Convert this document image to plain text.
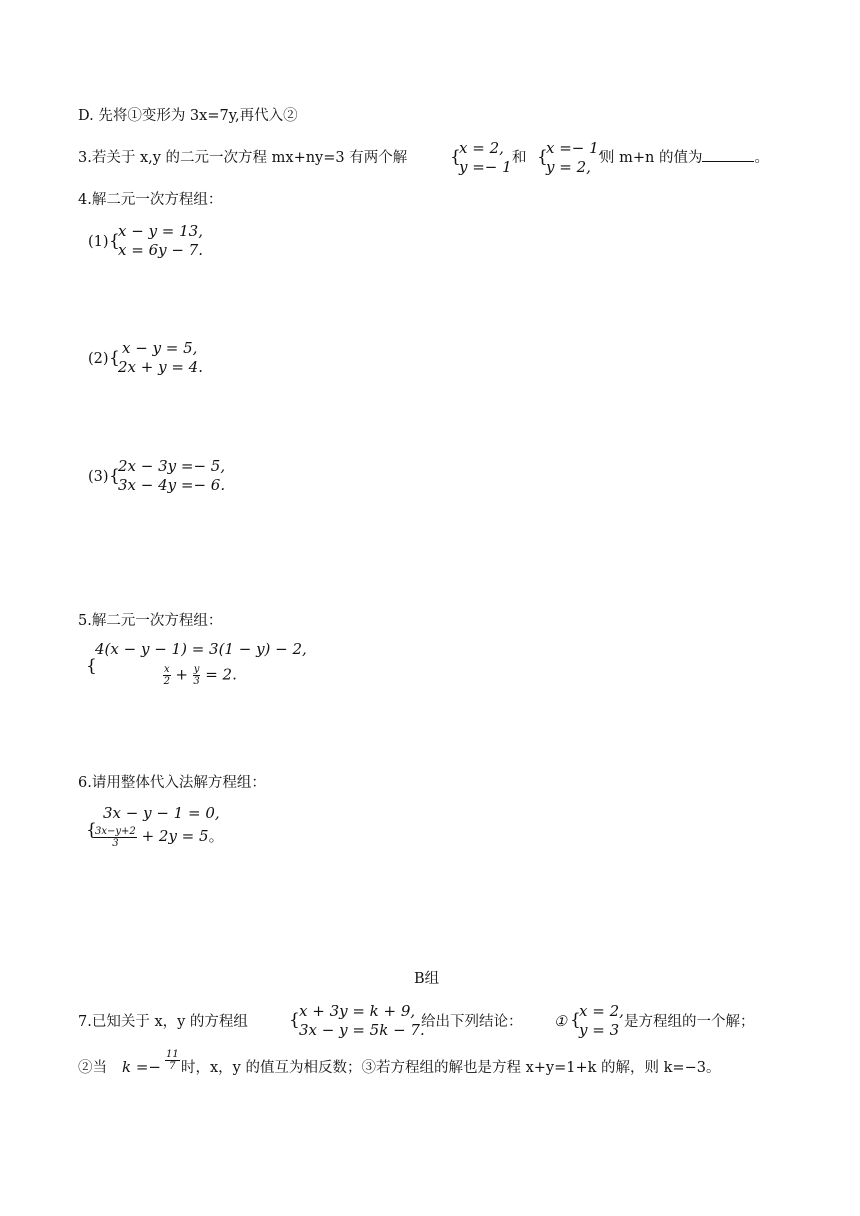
D. 先将①变形为 3x=7y,再代入②
3.若关于 x,y 的二元一次方程 mx+ny=3 有两个解	{
x = 2,
y =− 1 和 {
x =− 1,
y = 2, 则 m+n 的值为	。
4.解二元一次方程组：
(1) {
x − y = 13,
x = 6y − 7.
(2) { x − y = 5,
2x + y = 4.
(3) {
2x − 3y =− 5,
3x − 4y =− 6.
5.解二元一次方程组：
{
4(x − y − 1) = 3(1 − y) − 2,
$\frac{x}{2} + \frac{y}{3} = 2$.
6.请用整体代入法解方程组：
3x − y − 1 = 0,
{
$\frac{3x-y+2}{3} + 2y = 5$。
B组
7.已知关于 x，y 的方程组 { x + 3y = k + 9,
3x − y = 5k − 7.
给出下列结论： ① {
x = 2,
y = 3 是方程组的一个解；
②当 $k =- \frac{11}{7}$ 时，x，y 的值互为相反数；③若方程组的解也是方程 x+y=1+k 的解，则 k=−3。
